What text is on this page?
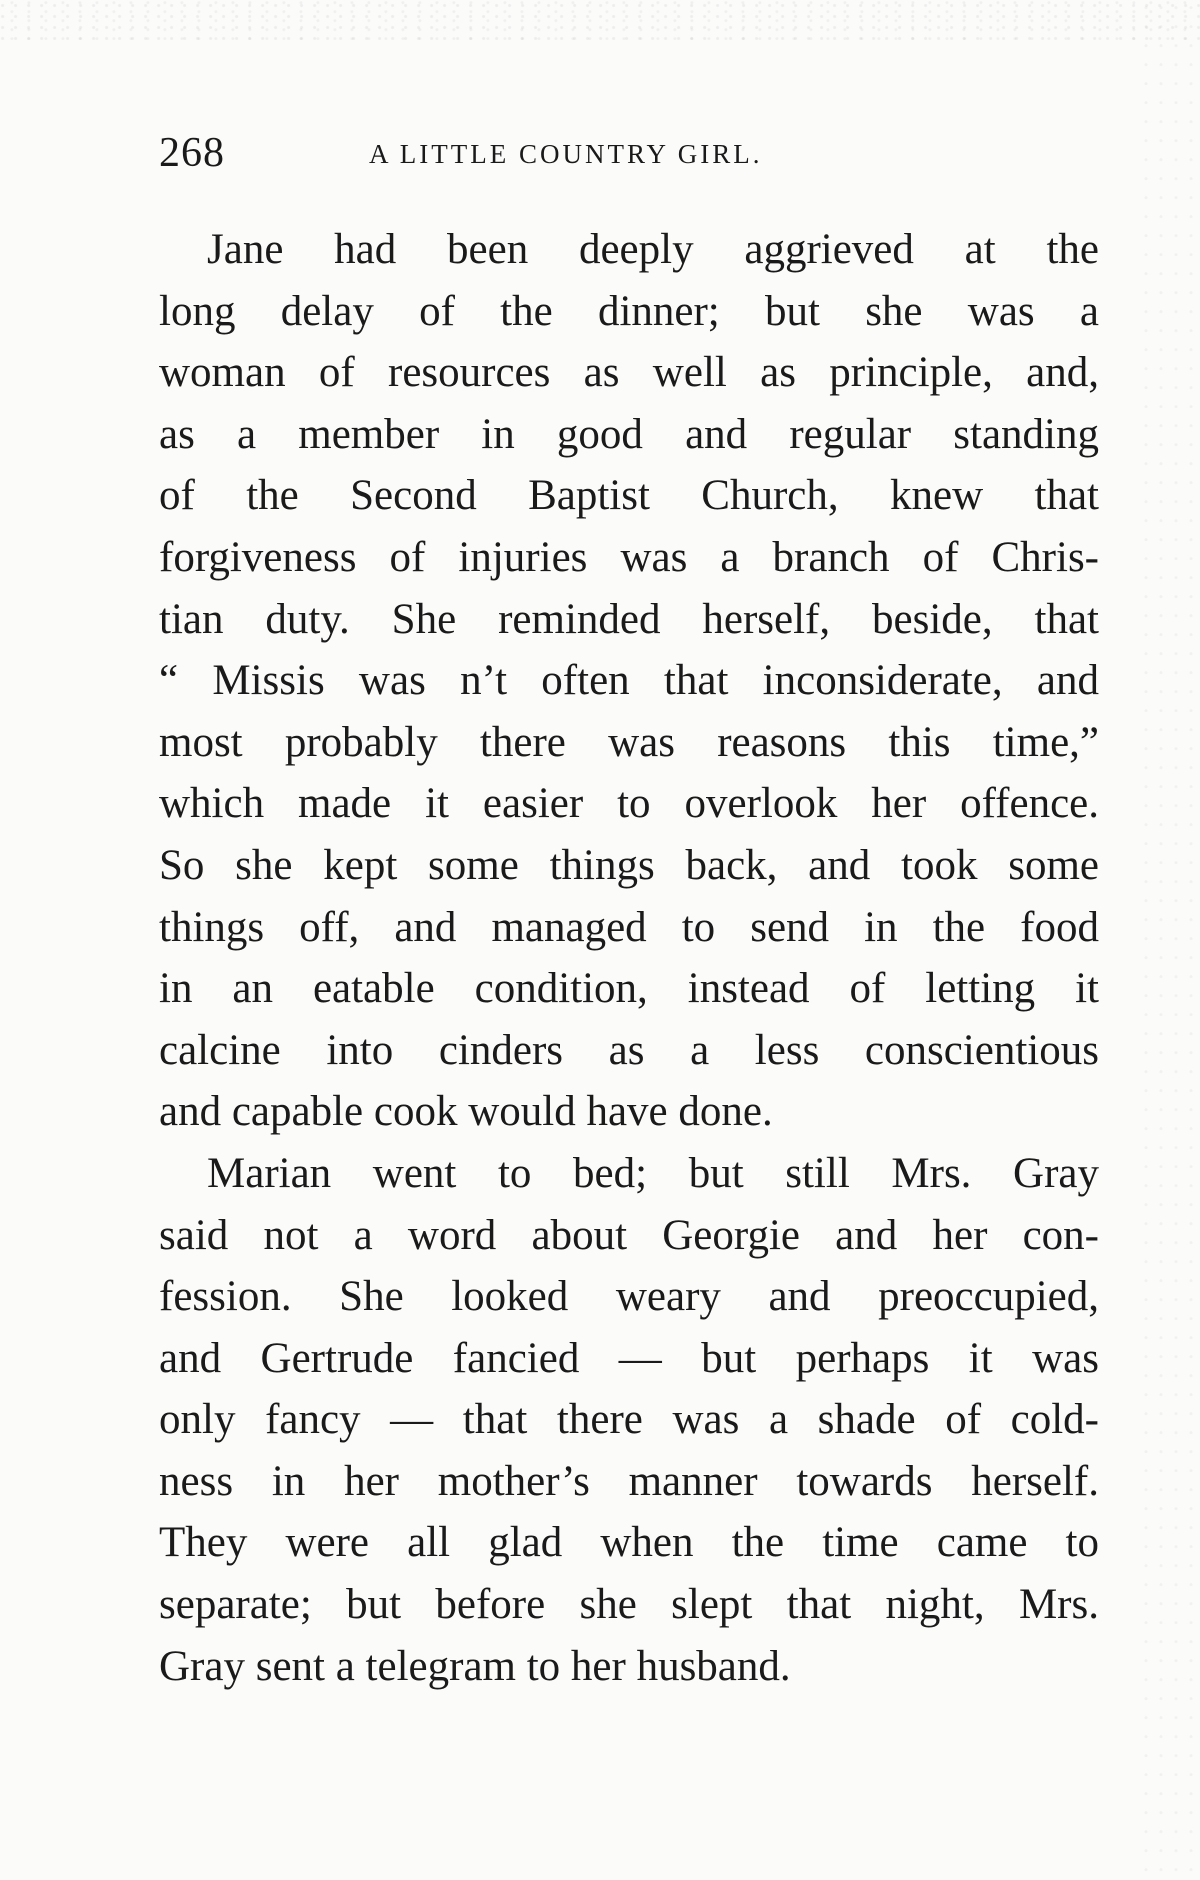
268	A LITTLE COUNTRY GIRL.
Jane had been deeply aggrieved at the
long delay of the dinner; but she was a
woman of resources as well as principle, and,
as a member in good and regular standing
of the Second Baptist Church, knew that
forgiveness of injuries was a branch of Chris-
tian duty. She reminded herself, beside, that
“ Missis was n’t often that inconsiderate, and
most probably there was reasons this time,”
which made it easier to overlook her offence.
So she kept some things back, and took some
things off, and managed to send in the food
in an eatable condition, instead of letting it
calcine into cinders as a less conscientious
and capable cook would have done.
Marian went to bed; but still Mrs. Gray
said not a word about Georgie and her con-
fession. She looked weary and preoccupied,
and Gertrude fancied — but perhaps it was
only fancy — that there was a shade of cold-
ness in her mother’s manner towards herself.
They were all glad when the time came to
separate; but before she slept that night, Mrs.
Gray sent a telegram to her husband.
